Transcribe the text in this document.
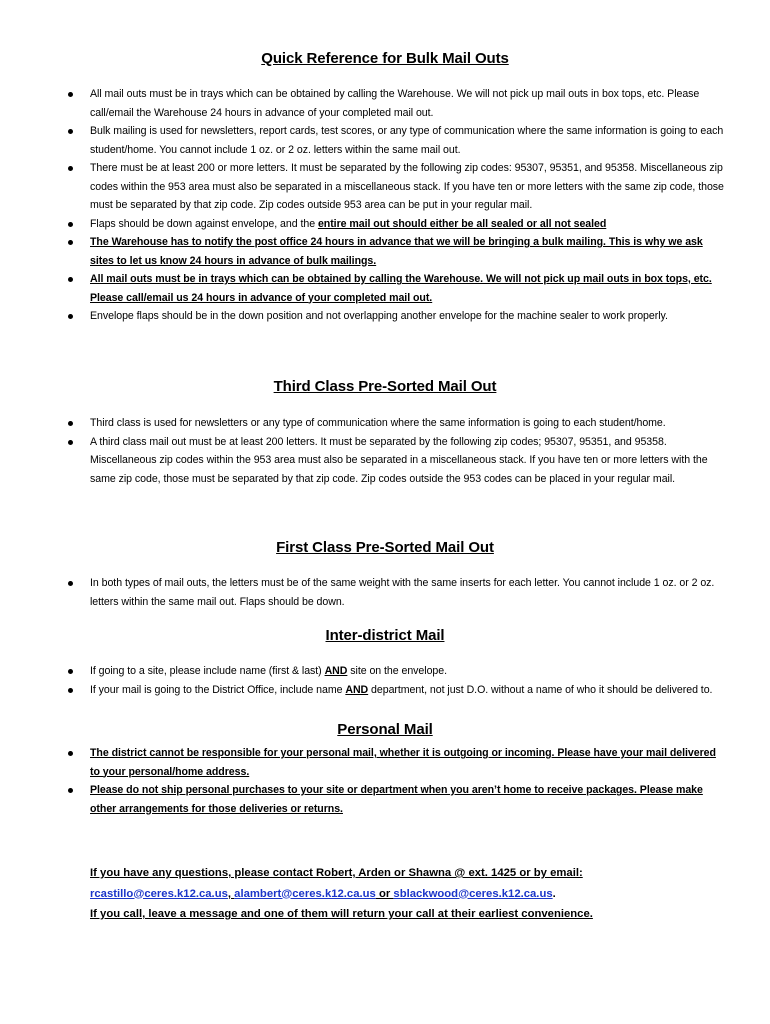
Quick Reference for Bulk Mail Outs
All mail outs must be in trays which can be obtained by calling the Warehouse. We will not pick up mail outs in box tops, etc. Please call/email the Warehouse 24 hours in advance of your completed mail out.
Bulk mailing is used for newsletters, report cards, test scores, or any type of communication where the same information is going to each student/home. You cannot include 1 oz. or 2 oz. letters within the same mail out.
There must be at least 200 or more letters. It must be separated by the following zip codes: 95307, 95351, and 95358. Miscellaneous zip codes within the 953 area must also be separated in a miscellaneous stack. If you have ten or more letters with the same zip code, those must be separated by that zip code. Zip codes outside 953 area can be put in your regular mail.
Flaps should be down against envelope, and the entire mail out should either be all sealed or all not sealed
The Warehouse has to notify the post office 24 hours in advance that we will be bringing a bulk mailing. This is why we ask sites to let us know 24 hours in advance of bulk mailings.
All mail outs must be in trays which can be obtained by calling the Warehouse. We will not pick up mail outs in box tops, etc. Please call/email us 24 hours in advance of your completed mail out.
Envelope flaps should be in the down position and not overlapping another envelope for the machine sealer to work properly.
Third Class Pre-Sorted Mail Out
Third class is used for newsletters or any type of communication where the same information is going to each student/home.
A third class mail out must be at least 200 letters. It must be separated by the following zip codes; 95307, 95351, and 95358. Miscellaneous zip codes within the 953 area must also be separated in a miscellaneous stack. If you have ten or more letters with the same zip code, those must be separated by that zip code. Zip codes outside the 953 codes can be placed in your regular mail.
First Class Pre-Sorted Mail Out
In both types of mail outs, the letters must be of the same weight with the same inserts for each letter. You cannot include 1 oz. or 2 oz. letters within the same mail out. Flaps should be down.
Inter-district Mail
If going to a site, please include name (first & last) AND site on the envelope.
If your mail is going to the District Office, include name AND department, not just D.O. without a name of who it should be delivered to.
Personal Mail
The district cannot be responsible for your personal mail, whether it is outgoing or incoming. Please have your mail delivered to your personal/home address.
Please do not ship personal purchases to your site or department when you aren’t home to receive packages. Please make other arrangements for those deliveries or returns.
If you have any questions, please contact Robert, Arden or Shawna @ ext. 1425 or by email:
rcastillo@ceres.k12.ca.us, alambert@ceres.k12.ca.us or sblackwood@ceres.k12.ca.us.
If you call, leave a message and one of them will return your call at their earliest convenience.
